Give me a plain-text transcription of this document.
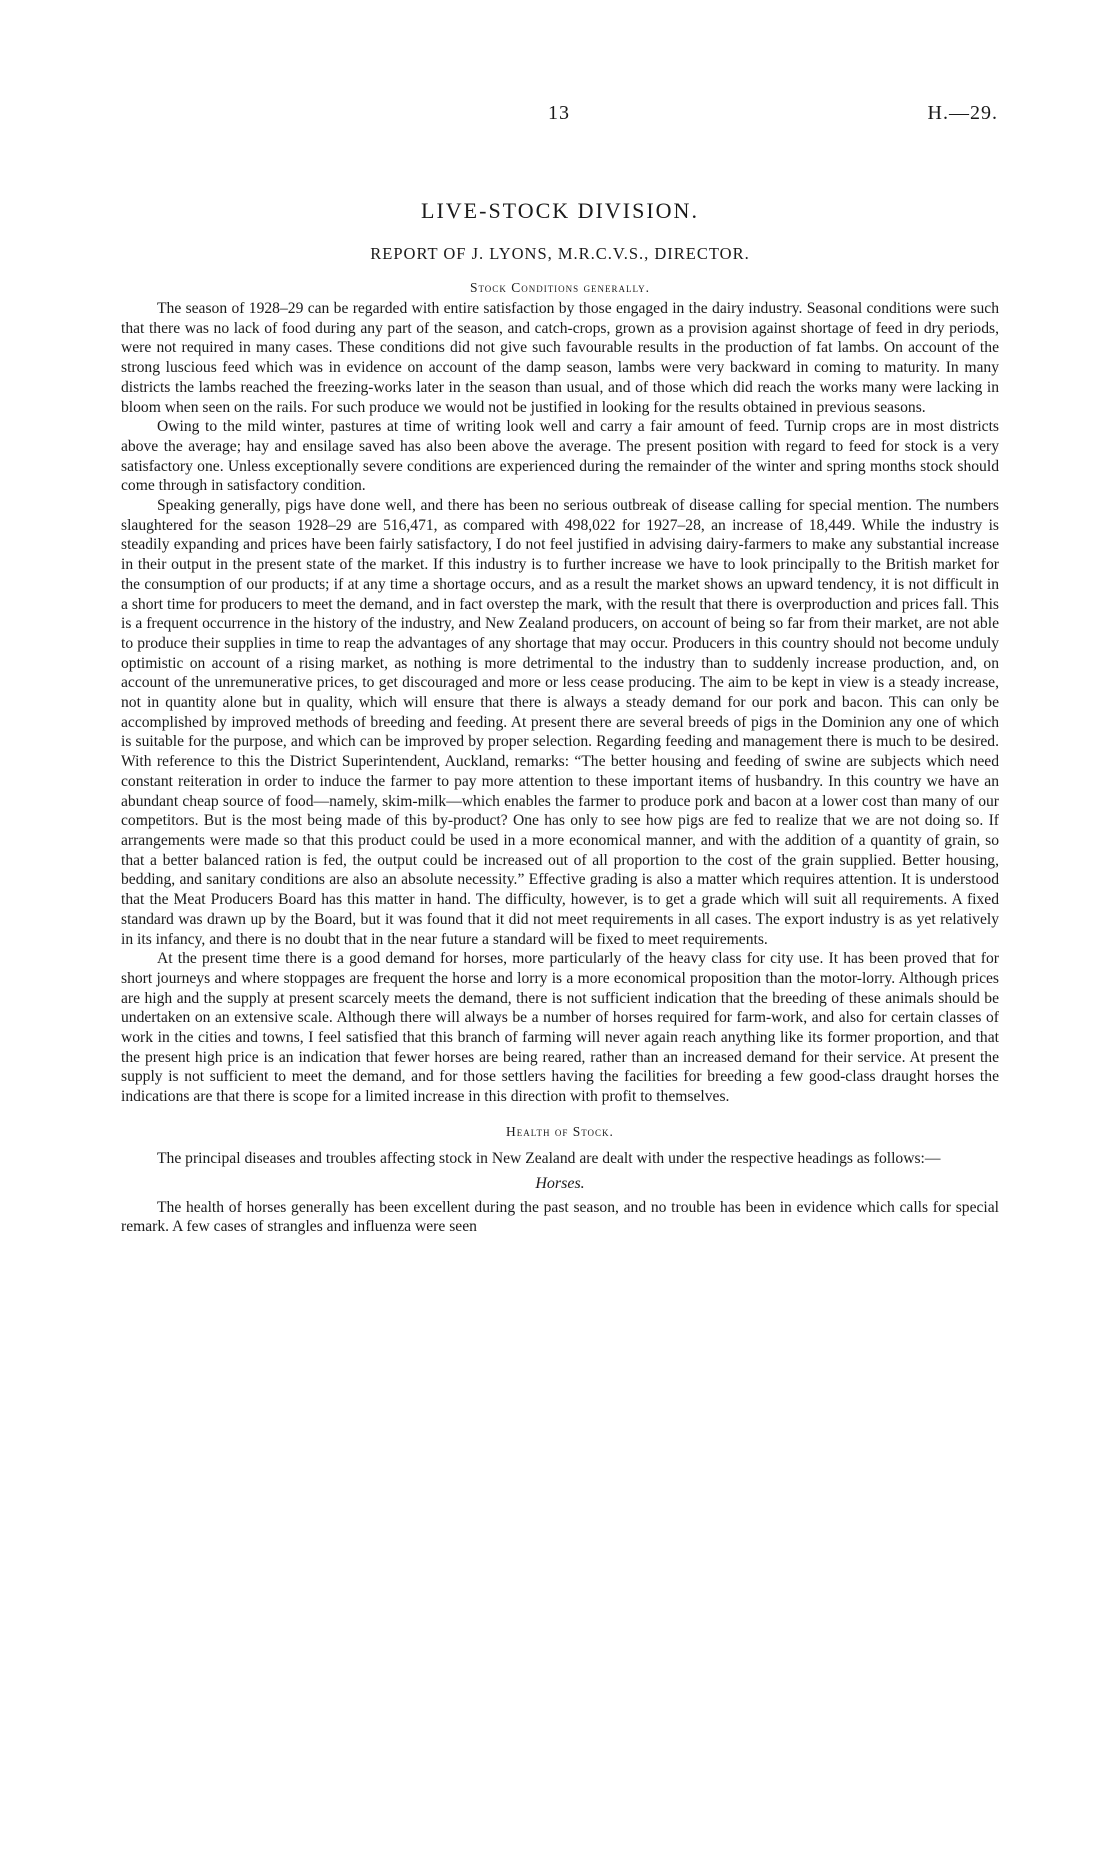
13	H.—29.
LIVE-STOCK DIVISION.
REPORT OF J. LYONS, M.R.C.V.S., DIRECTOR.
Stock Conditions generally.

The season of 1928–29 can be regarded with entire satisfaction by those engaged in the dairy industry. Seasonal conditions were such that there was no lack of food during any part of the season, and catch-crops, grown as a provision against shortage of feed in dry periods, were not required in many cases. These conditions did not give such favourable results in the production of fat lambs. On account of the strong luscious feed which was in evidence on account of the damp season, lambs were very backward in coming to maturity. In many districts the lambs reached the freezing-works later in the season than usual, and of those which did reach the works many were lacking in bloom when seen on the rails. For such produce we would not be justified in looking for the results obtained in previous seasons.

Owing to the mild winter, pastures at time of writing look well and carry a fair amount of feed. Turnip crops are in most districts above the average; hay and ensilage saved has also been above the average. The present position with regard to feed for stock is a very satisfactory one. Unless exceptionally severe conditions are experienced during the remainder of the winter and spring months stock should come through in satisfactory condition.

Speaking generally, pigs have done well, and there has been no serious outbreak of disease calling for special mention. The numbers slaughtered for the season 1928–29 are 516,471, as compared with 498,022 for 1927–28, an increase of 18,449. While the industry is steadily expanding and prices have been fairly satisfactory, I do not feel justified in advising dairy-farmers to make any substantial increase in their output in the present state of the market. If this industry is to further increase we have to look principally to the British market for the consumption of our products; if at any time a shortage occurs, and as a result the market shows an upward tendency, it is not difficult in a short time for producers to meet the demand, and in fact overstep the mark, with the result that there is overproduction and prices fall. This is a frequent occurrence in the history of the industry, and New Zealand producers, on account of being so far from their market, are not able to produce their supplies in time to reap the advantages of any shortage that may occur. Producers in this country should not become unduly optimistic on account of a rising market, as nothing is more detrimental to the industry than to suddenly increase production, and, on account of the unremunerative prices, to get discouraged and more or less cease producing. The aim to be kept in view is a steady increase, not in quantity alone but in quality, which will ensure that there is always a steady demand for our pork and bacon. This can only be accomplished by improved methods of breeding and feeding. At present there are several breeds of pigs in the Dominion any one of which is suitable for the purpose, and which can be improved by proper selection. Regarding feeding and management there is much to be desired. With reference to this the District Superintendent, Auckland, remarks: “The better housing and feeding of swine are subjects which need constant reiteration in order to induce the farmer to pay more attention to these important items of husbandry. In this country we have an abundant cheap source of food—namely, skim-milk—which enables the farmer to produce pork and bacon at a lower cost than many of our competitors. But is the most being made of this by-product? One has only to see how pigs are fed to realize that we are not doing so. If arrangements were made so that this product could be used in a more economical manner, and with the addition of a quantity of grain, so that a better balanced ration is fed, the output could be increased out of all proportion to the cost of the grain supplied. Better housing, bedding, and sanitary conditions are also an absolute necessity.” Effective grading is also a matter which requires attention. It is understood that the Meat Producers Board has this matter in hand. The difficulty, however, is to get a grade which will suit all requirements. A fixed standard was drawn up by the Board, but it was found that it did not meet requirements in all cases. The export industry is as yet relatively in its infancy, and there is no doubt that in the near future a standard will be fixed to meet requirements.

At the present time there is a good demand for horses, more particularly of the heavy class for city use. It has been proved that for short journeys and where stoppages are frequent the horse and lorry is a more economical proposition than the motor-lorry. Although prices are high and the supply at present scarcely meets the demand, there is not sufficient indication that the breeding of these animals should be undertaken on an extensive scale. Although there will always be a number of horses required for farm-work, and also for certain classes of work in the cities and towns, I feel satisfied that this branch of farming will never again reach anything like its former proportion, and that the present high price is an indication that fewer horses are being reared, rather than an increased demand for their service. At present the supply is not sufficient to meet the demand, and for those settlers having the facilities for breeding a few good-class draught horses the indications are that there is scope for a limited increase in this direction with profit to themselves.

Health of Stock.

The principal diseases and troubles affecting stock in New Zealand are dealt with under the respective headings as follows:—

Horses.

The health of horses generally has been excellent during the past season, and no trouble has been in evidence which calls for special remark. A few cases of strangles and influenza were seen
